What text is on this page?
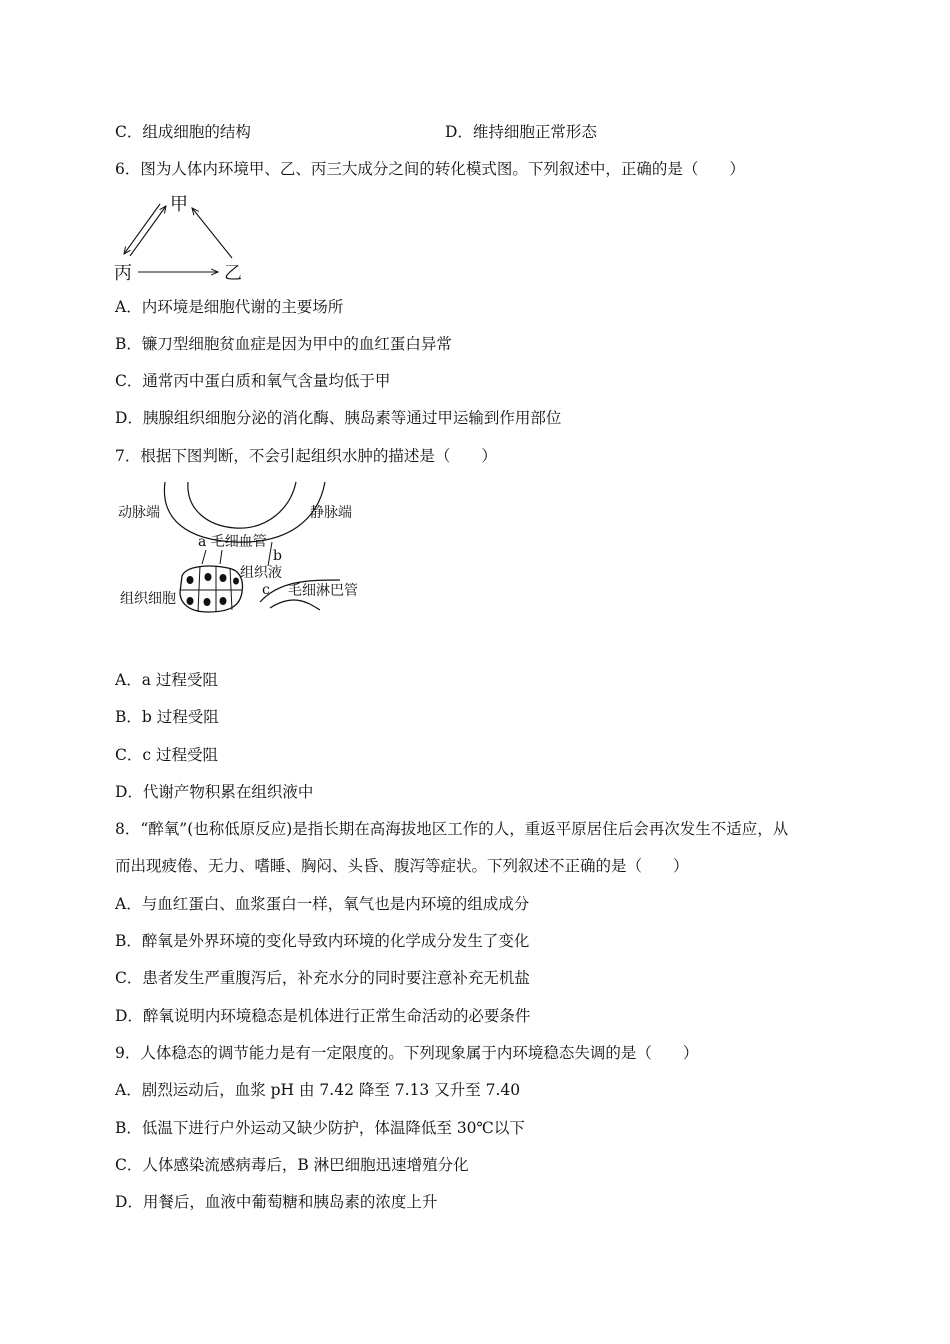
C．组成细胞的结构	D．维持细胞正常形态
6．图为人体内环境甲、乙、丙三大成分之间的转化模式图。下列叙述中，正确的是（　　）
甲
丙	乙
A．内环境是细胞代谢的主要场所
B．镰刀型细胞贫血症是因为甲中的血红蛋白异常
C．通常丙中蛋白质和氧气含量均低于甲
D．胰腺组织细胞分泌的消化酶、胰岛素等通过甲运输到作用部位
7．根据下图判断，不会引起组织水肿的描述是（　　）
动脉端	静脉端
a 毛细血管
b
组织液
c 毛细淋巴管
组织细胞
A．a 过程受阻
B．b 过程受阻
C．c 过程受阻
D．代谢产物积累在组织液中
8．“醉氧”(也称低原反应)是指长期在高海拔地区工作的人，重返平原居住后会再次发生不适应，从
而出现疲倦、无力、嗜睡、胸闷、头昏、腹泻等症状。下列叙述不正确的是（　　）
A．与血红蛋白、血浆蛋白一样，氧气也是内环境的组成成分
B．醉氧是外界环境的变化导致内环境的化学成分发生了变化
C．患者发生严重腹泻后，补充水分的同时要注意补充无机盐
D．醉氧说明内环境稳态是机体进行正常生命活动的必要条件
9．人体稳态的调节能力是有一定限度的。下列现象属于内环境稳态失调的是（　　）
A．剧烈运动后，血浆 pH 由 7.42 降至 7.13 又升至 7.40
B．低温下进行户外运动又缺少防护，体温降低至 30℃以下
C．人体感染流感病毒后，B 淋巴细胞迅速增殖分化
D．用餐后，血液中葡萄糖和胰岛素的浓度上升
